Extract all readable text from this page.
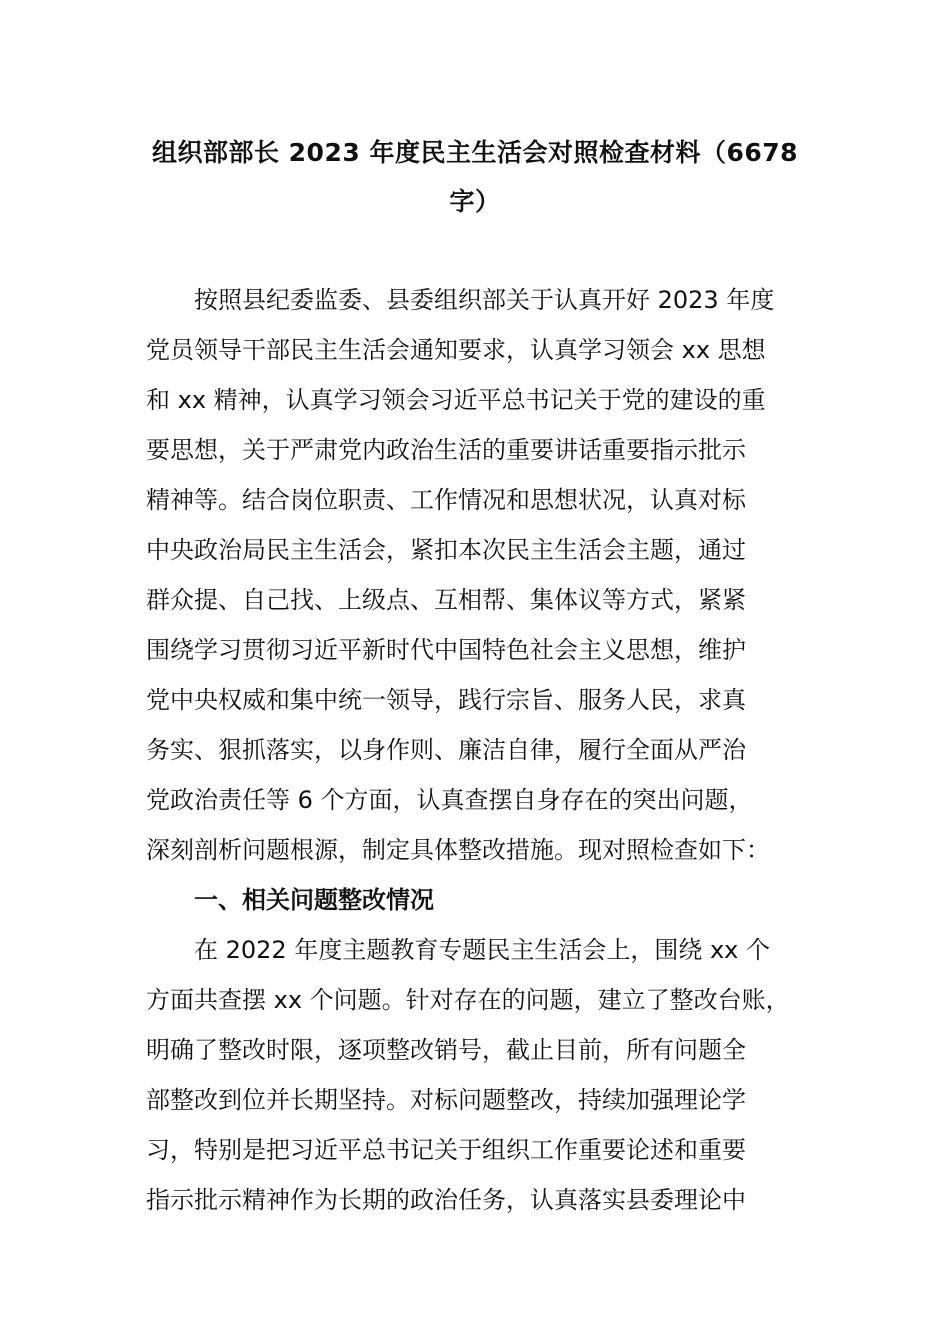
组织部部长 2023 年度民主生活会对照检查材料（6678
字）
按照县纪委监委、县委组织部关于认真开好 2023 年度
党员领导干部民主生活会通知要求，认真学习领会 xx 思想
和 xx 精神，认真学习领会习近平总书记关于党的建设的重
要思想，关于严肃党内政治生活的重要讲话重要指示批示
精神等。结合岗位职责、工作情况和思想状况，认真对标
中央政治局民主生活会，紧扣本次民主生活会主题，通过
群众提、自己找、上级点、互相帮、集体议等方式，紧紧
围绕学习贯彻习近平新时代中国特色社会主义思想，维护
党中央权威和集中统一领导，践行宗旨、服务人民，求真
务实、狠抓落实，以身作则、廉洁自律，履行全面从严治
党政治责任等 6 个方面，认真查摆自身存在的突出问题，
深刻剖析问题根源，制定具体整改措施。现对照检查如下：
一、相关问题整改情况
在 2022 年度主题教育专题民主生活会上，围绕 xx 个
方面共查摆 xx 个问题。针对存在的问题，建立了整改台账，
明确了整改时限，逐项整改销号，截止目前，所有问题全
部整改到位并长期坚持。对标问题整改，持续加强理论学
习，特别是把习近平总书记关于组织工作重要论述和重要
指示批示精神作为长期的政治任务，认真落实县委理论中
